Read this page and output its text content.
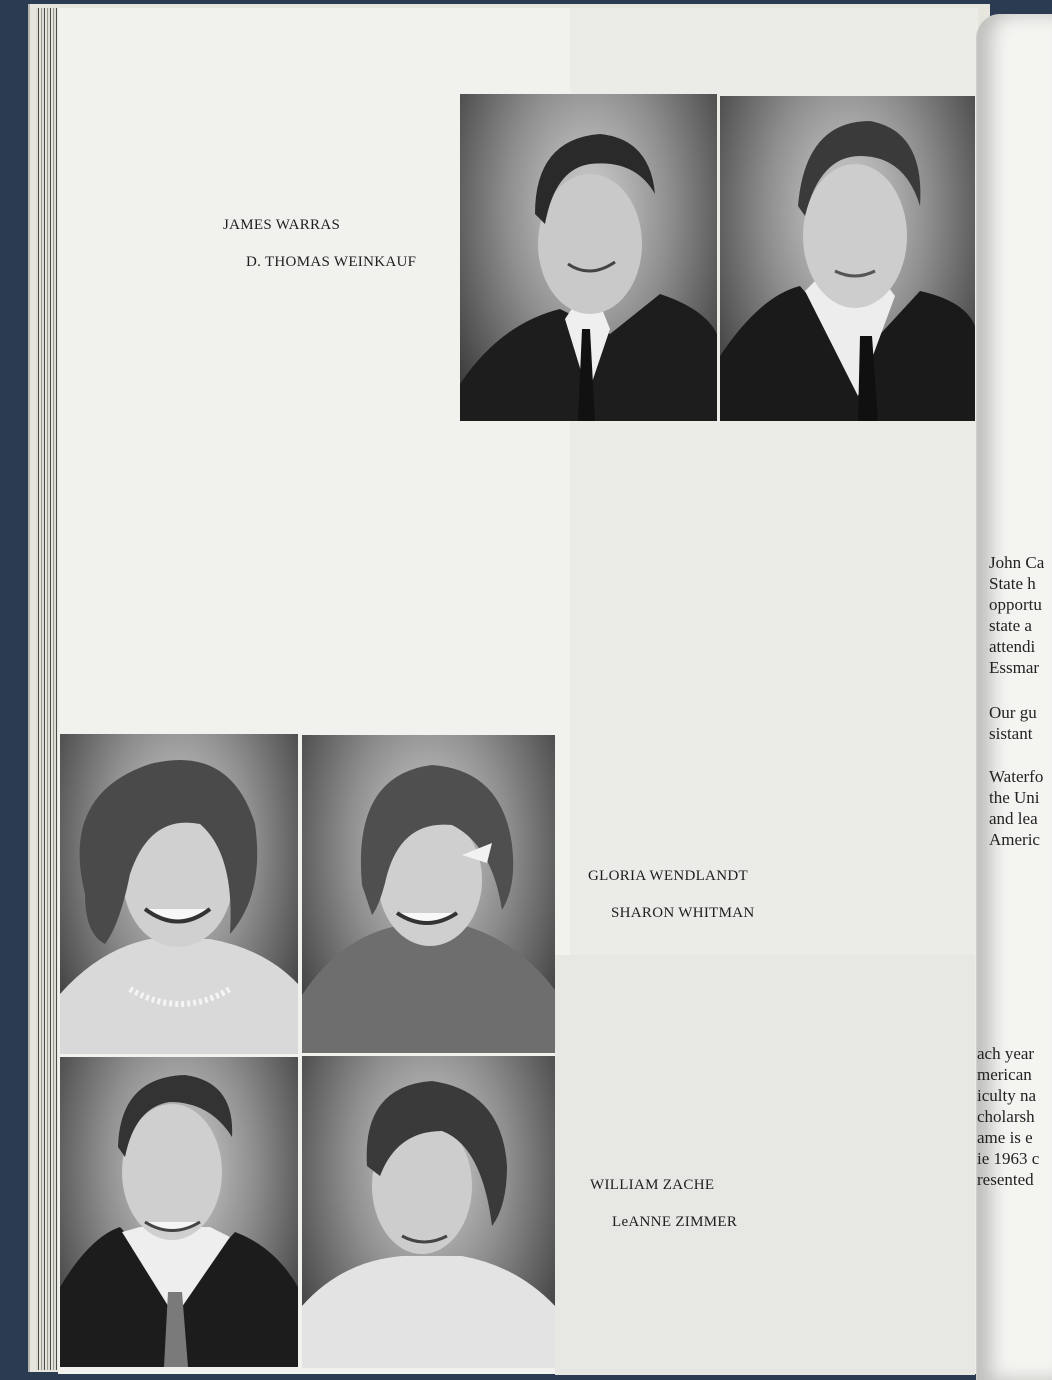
JAMES WARRAS
D. THOMAS WEINKAUF
GLORIA WENDLANDT
SHARON WHITMAN
WILLIAM ZACHE
LeANNE ZIMMER
John Ca
State h
opportu
state a
attendi
Essmar
Our gu
sistant
Waterfo
the Uni
and lea
Americ
ach year
merican
iculty na
cholarsh
ame is e
ie 1963 c
resented
